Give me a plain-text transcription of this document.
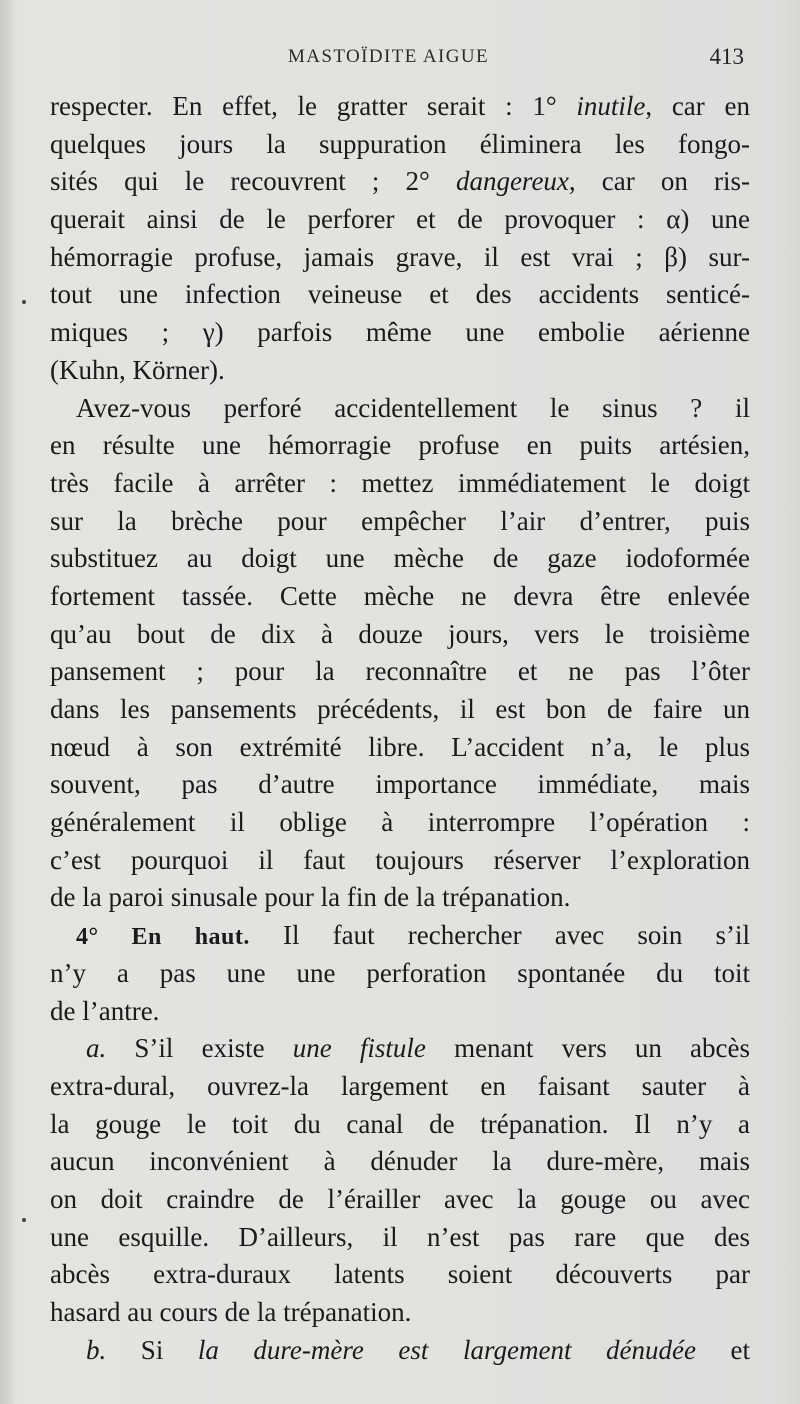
MASTOÏDITE AIGUE	413
respecter. En effet, le gratter serait : 1° inutile, car en
quelques jours la suppuration éliminera les fongo-
sités qui le recouvrent ; 2° dangereux, car on ris-
querait ainsi de le perforer et de provoquer : α) une
hémorragie profuse, jamais grave, il est vrai ; β) sur-
tout une infection veineuse et des accidents senticé-
miques ; γ) parfois même une embolie aérienne
(Kuhn, Körner).
Avez-vous perforé accidentellement le sinus ? il
en résulte une hémorragie profuse en puits artésien,
très facile à arrêter : mettez immédiatement le doigt
sur la brèche pour empêcher l’air d’entrer, puis
substituez au doigt une mèche de gaze iodoformée
fortement tassée. Cette mèche ne devra être enlevée
qu’au bout de dix à douze jours, vers le troisième
pansement ; pour la reconnaître et ne pas l’ôter
dans les pansements précédents, il est bon de faire un
nœud à son extrémité libre. L’accident n’a, le plus
souvent, pas d’autre importance immédiate, mais
généralement il oblige à interrompre l’opération :
c’est pourquoi il faut toujours réserver l’exploration
de la paroi sinusale pour la fin de la trépanation.
4° En haut. Il faut rechercher avec soin s’il
n’y a pas une une perforation spontanée du toit
de l’antre.
a. S’il existe une fistule menant vers un abcès
extra-dural, ouvrez-la largement en faisant sauter à
la gouge le toit du canal de trépanation. Il n’y a
aucun inconvénient à dénuder la dure-mère, mais
on doit craindre de l’érailler avec la gouge ou avec
une esquille. D’ailleurs, il n’est pas rare que des
abcès extra-duraux latents soient découverts par
hasard au cours de la trépanation.
b. Si la dure-mère est largement dénudée et
